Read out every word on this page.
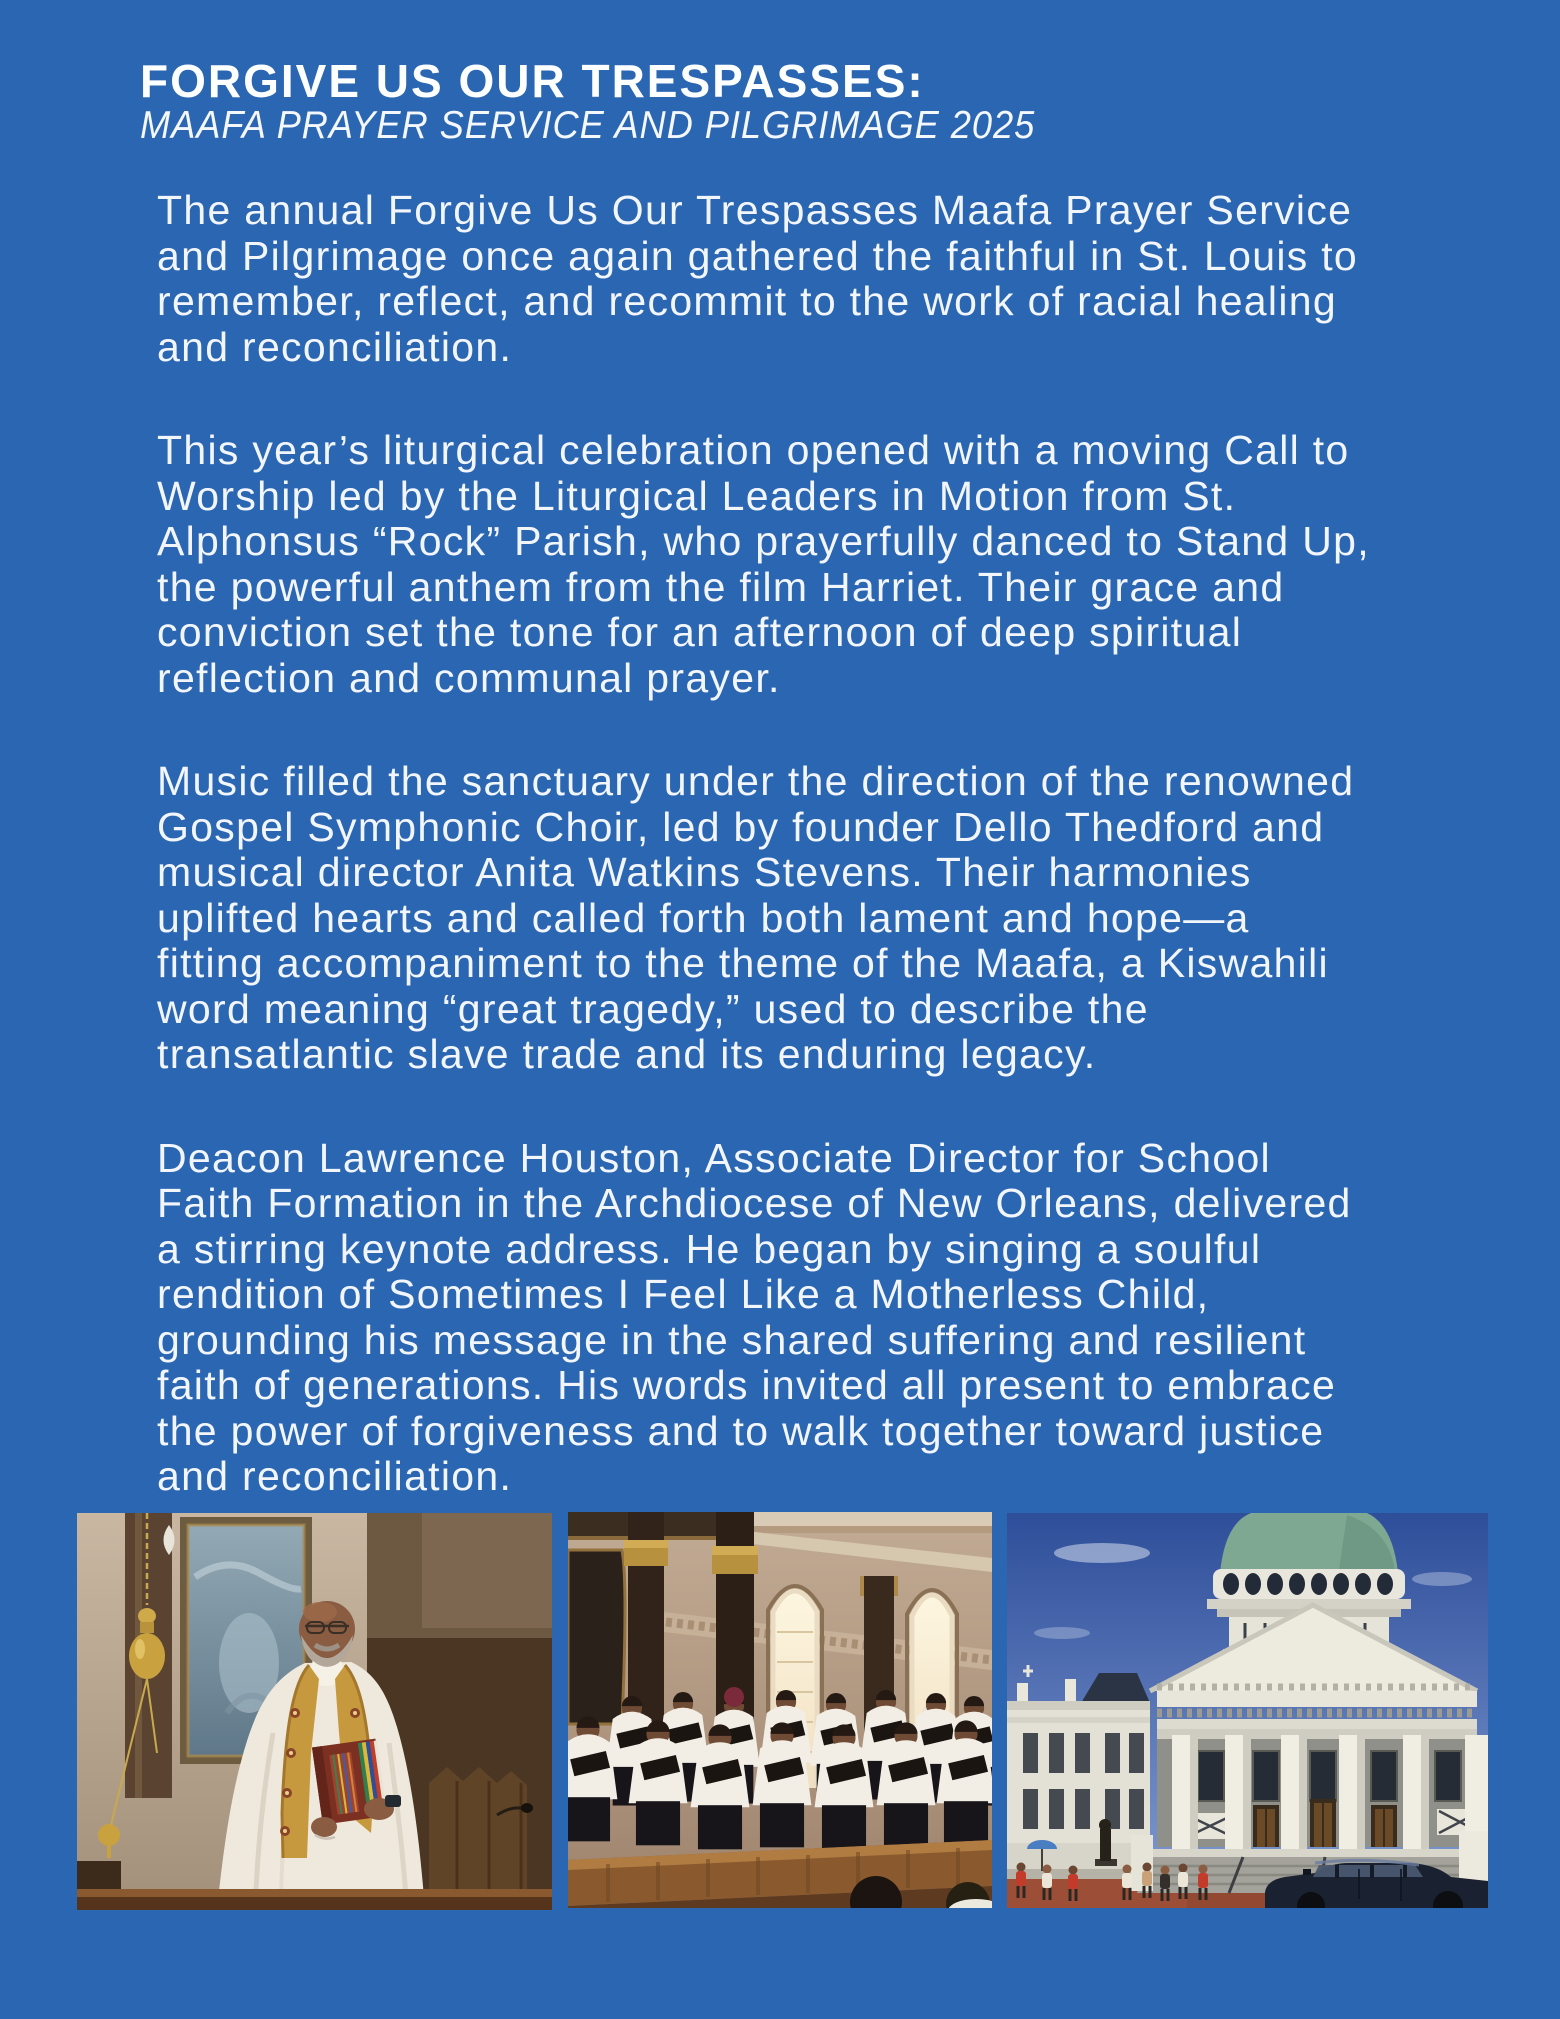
FORGIVE US OUR TRESPASSES:
MAAFA PRAYER SERVICE AND PILGRIMAGE 2025

The annual Forgive Us Our Trespasses Maafa Prayer Service
and Pilgrimage once again gathered the faithful in St. Louis to
remember, reflect, and recommit to the work of racial healing
and reconciliation.

This year’s liturgical celebration opened with a moving Call to
Worship led by the Liturgical Leaders in Motion from St.
Alphonsus “Rock” Parish, who prayerfully danced to Stand Up,
the powerful anthem from the film Harriet. Their grace and
conviction set the tone for an afternoon of deep spiritual
reflection and communal prayer.

Music filled the sanctuary under the direction of the renowned
Gospel Symphonic Choir, led by founder Dello Thedford and
musical director Anita Watkins Stevens. Their harmonies
uplifted hearts and called forth both lament and hope—a
fitting accompaniment to the theme of the Maafa, a Kiswahili
word meaning “great tragedy,” used to describe the
transatlantic slave trade and its enduring legacy.

Deacon Lawrence Houston, Associate Director for School
Faith Formation in the Archdiocese of New Orleans, delivered
a stirring keynote address. He began by singing a soulful
rendition of Sometimes I Feel Like a Motherless Child,
grounding his message in the shared suffering and resilient
faith of generations. His words invited all present to embrace
the power of forgiveness and to walk together toward justice
and reconciliation.
